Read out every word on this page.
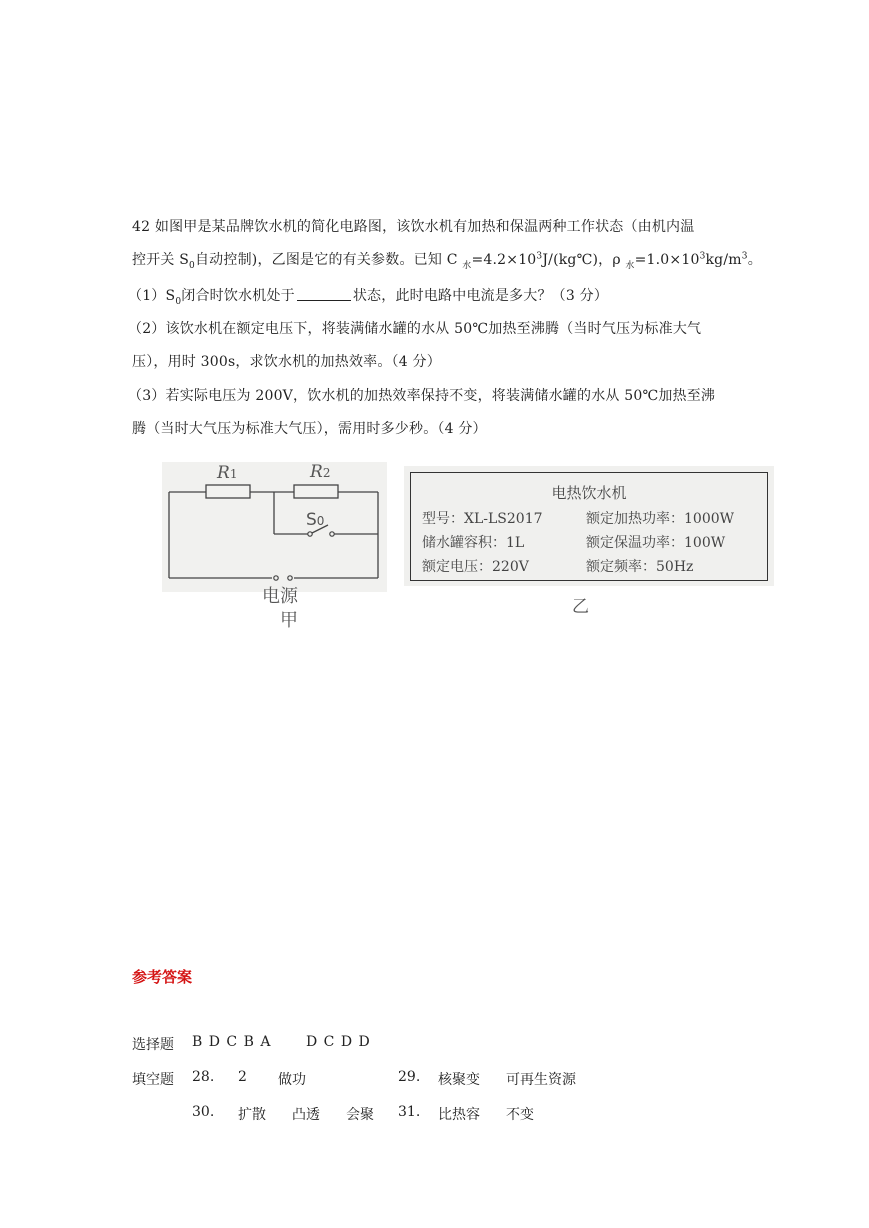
42 如图甲是某品牌饮水机的简化电路图，该饮水机有加热和保温两种工作状态（由机内温
控开关 $S_0$自动控制)，乙图是它的有关参数。已知 C $_水=4.2\times 10^3J/(kg℃)$，ρ $_水=1.0\times 10^3kg/m^3$。
$(1)S_0$闭合时饮水机处于	状态，此时电路中电流是多大？（3 分）
（2）该饮水机在额定电压下，将装满储水罐的水从 50℃加热至沸腾（当时气压为标准大气
压），用时 300s，求饮水机的加热效率。（4 分）
（3）若实际电压为 200V，饮水机的加热效率保持不变，将装满储水罐的水从 50℃加热至沸
腾（当时大气压为标准大气压），需用时多少秒。（4 分）
R1	R2
S0
电源
甲
电热饮水机
型号：XL-LS2017	额定加热功率：1000W
储水罐容积：1L	额定保温功率：100W
额定电压：220V	额定频率：50Hz
乙
参考答案
选择题 B D C B A D C D D
填空题 28. 2 做功	29. 核聚变 可再生资源
30. 扩散 凸透 会聚 31. 比热容 不变
